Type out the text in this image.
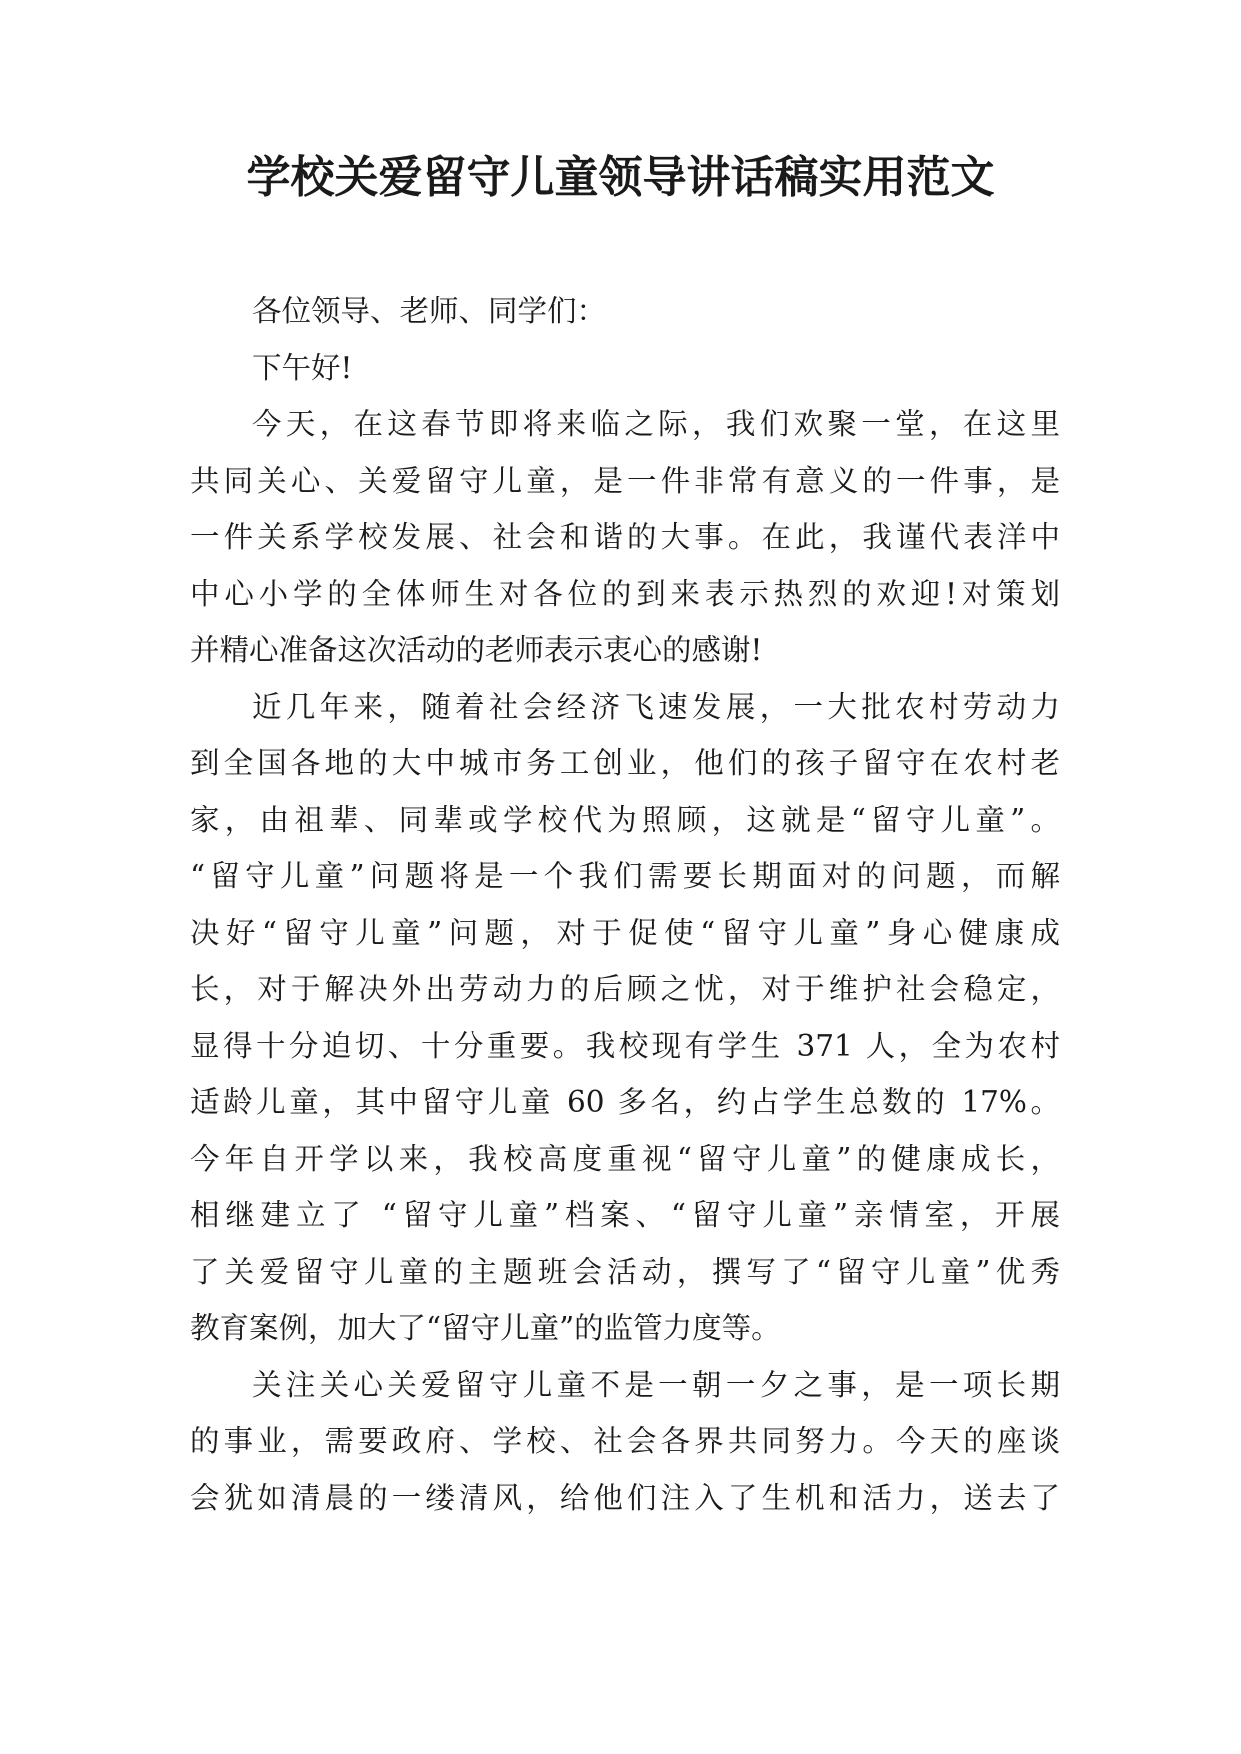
学校关爱留守儿童领导讲话稿实用范文
各位领导、老师、同学们：
下午好!
今天，在这春节即将来临之际，我们欢聚一堂，在这里
共同关心、关爱留守儿童，是一件非常有意义的一件事，是
一件关系学校发展、社会和谐的大事。在此，我谨代表洋中
中心小学的全体师生对各位的到来表示热烈的欢迎!对策划
并精心准备这次活动的老师表示衷心的感谢!
近几年来，随着社会经济飞速发展，一大批农村劳动力
到全国各地的大中城市务工创业，他们的孩子留守在农村老
家，由祖辈、同辈或学校代为照顾，这就是“留守儿童”。
“留守儿童”问题将是一个我们需要长期面对的问题，而解
决好“留守儿童”问题，对于促使“留守儿童”身心健康成
长，对于解决外出劳动力的后顾之忧，对于维护社会稳定，
显得十分迫切、十分重要。我校现有学生 371 人，全为农村
适龄儿童，其中留守儿童 60 多名，约占学生总数的 17%。
今年自开学以来，我校高度重视“留守儿童”的健康成长，
相继建立了 “留守儿童”档案、“留守儿童”亲情室，开展
了关爱留守儿童的主题班会活动，撰写了“留守儿童”优秀
教育案例，加大了“留守儿童”的监管力度等。
关注关心关爱留守儿童不是一朝一夕之事，是一项长期
的事业，需要政府、学校、社会各界共同努力。今天的座谈
会犹如清晨的一缕清风，给他们注入了生机和活力，送去了
